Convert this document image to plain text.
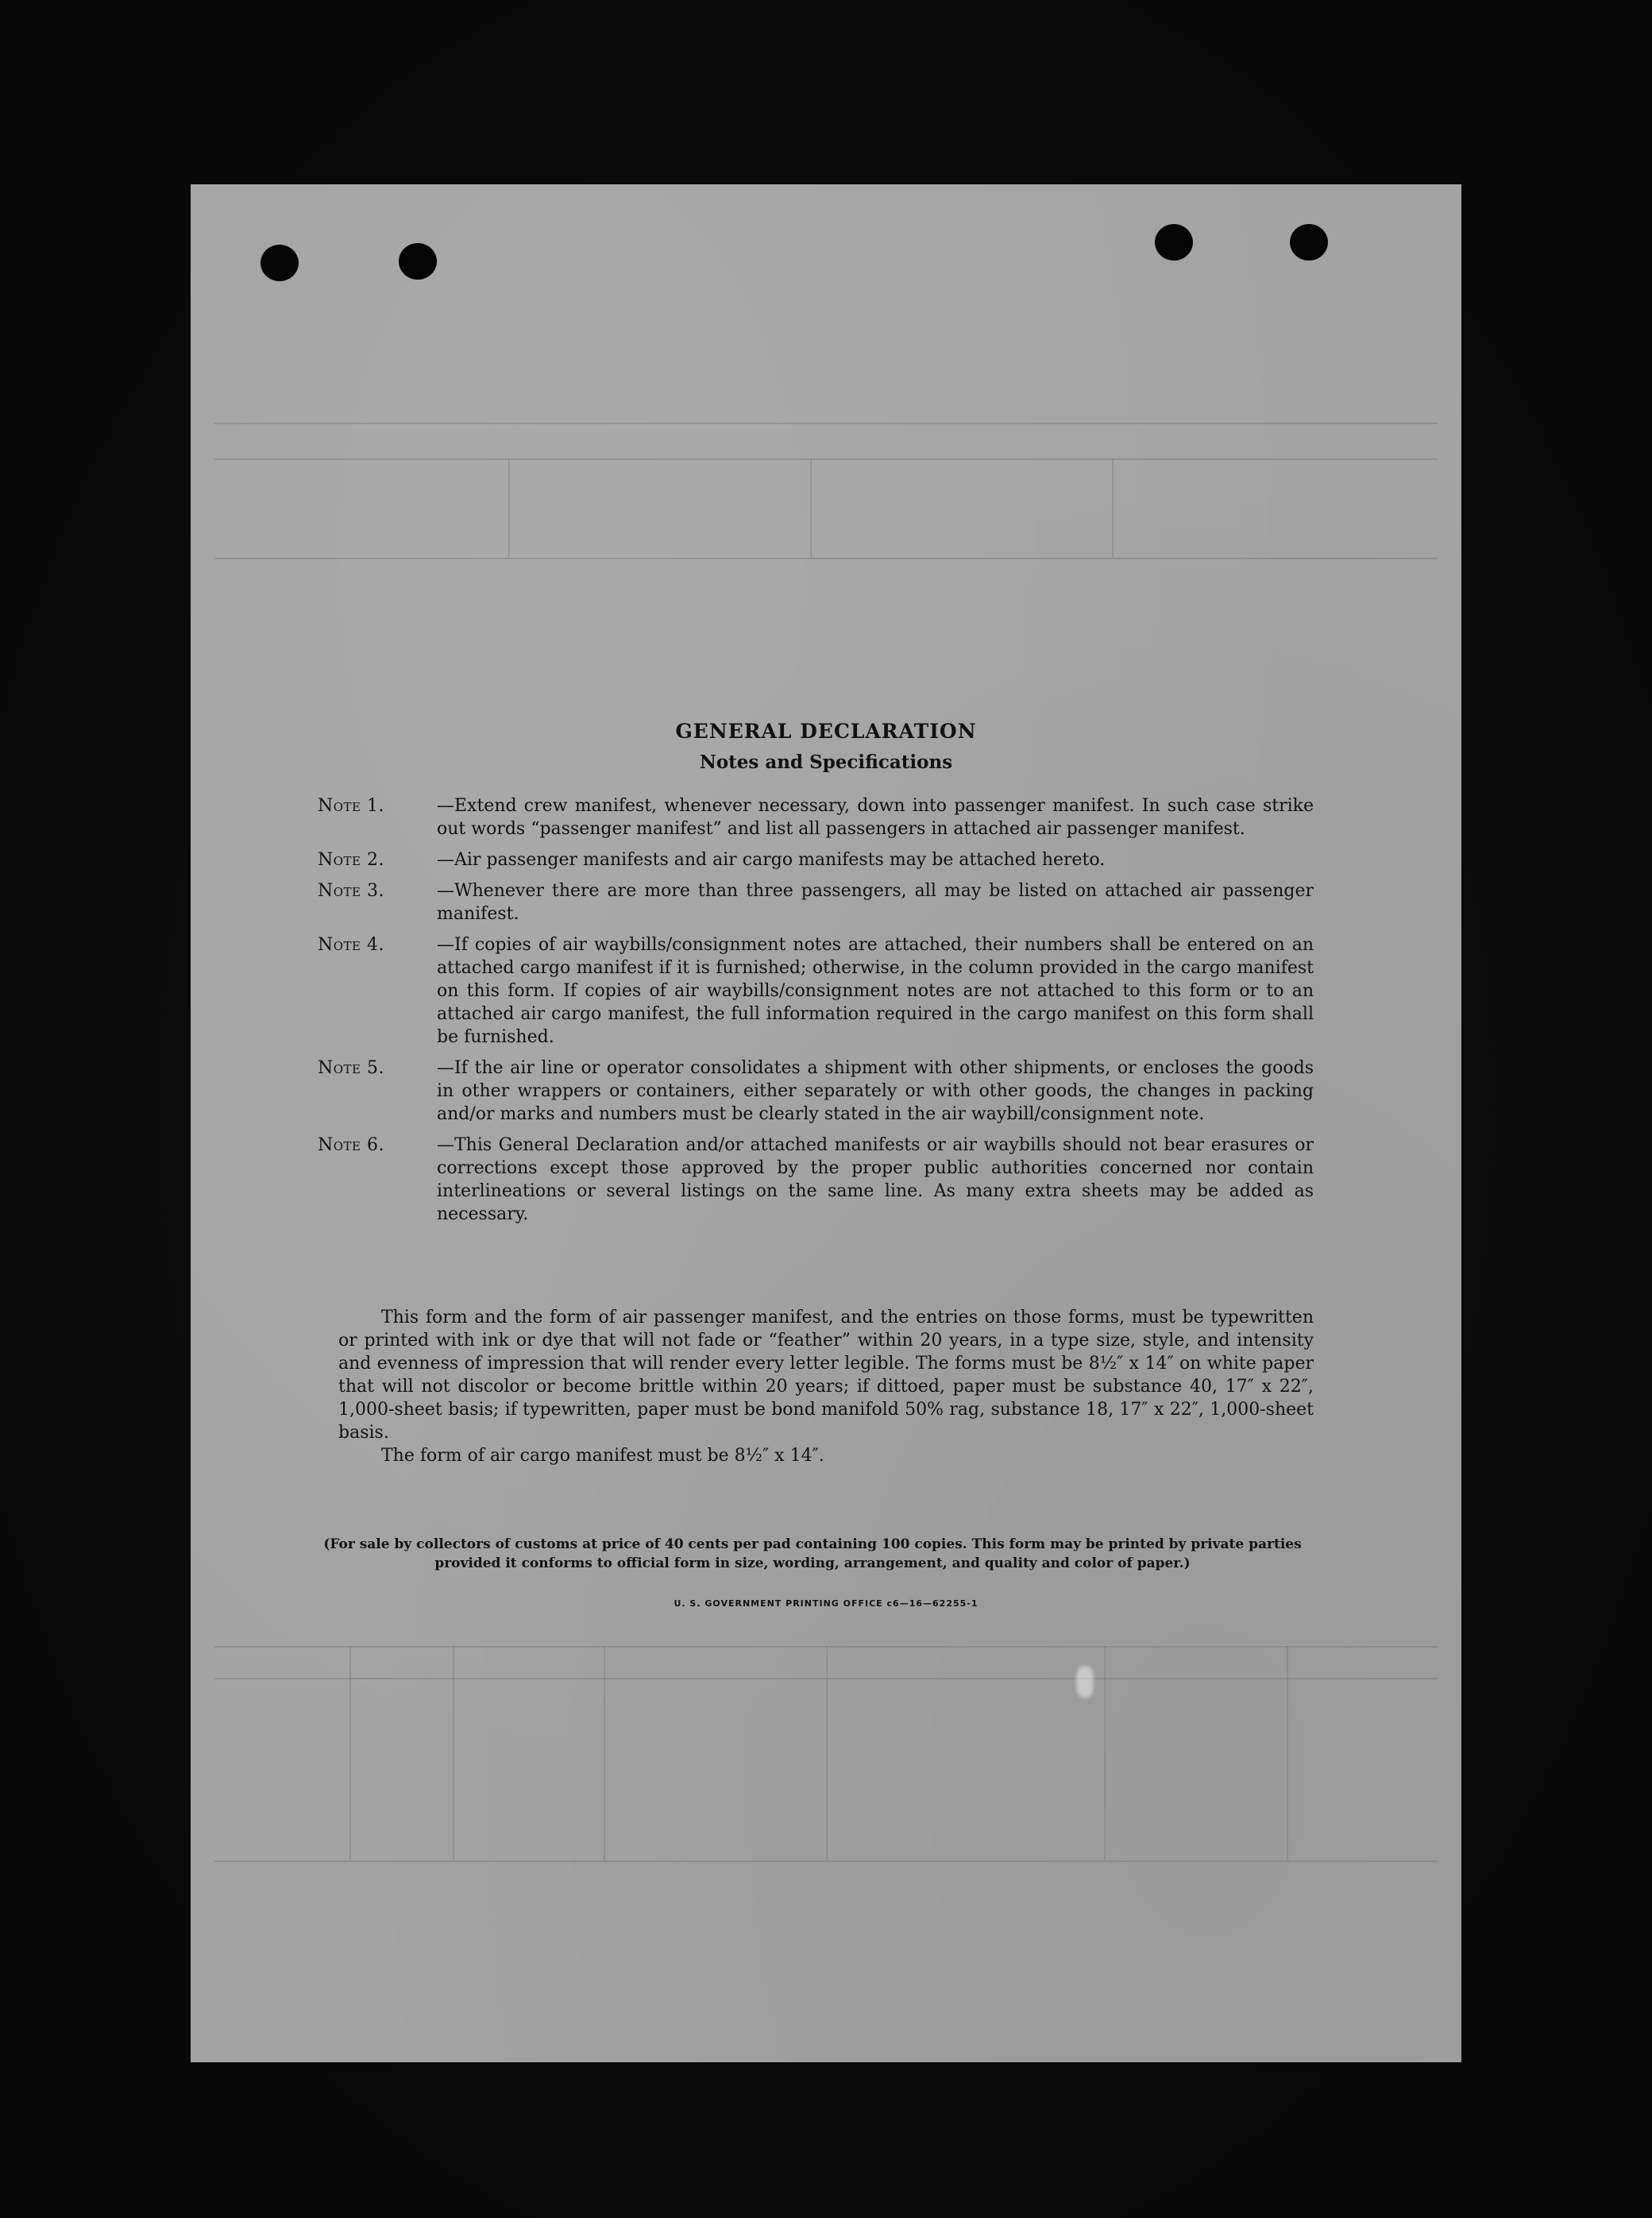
GENERAL DECLARATION
Notes and Specifications
Note 1.	—Extend crew manifest, whenever necessary, down into passenger manifest. In such case strike out words “passenger manifest” and list all passengers in attached air passenger manifest.
Note 2.	—Air passenger manifests and air cargo manifests may be attached hereto.
Note 3.	—Whenever there are more than three passengers, all may be listed on attached air passenger manifest.
Note 4.	—If copies of air waybills/consignment notes are attached, their numbers shall be entered on an attached cargo manifest if it is furnished; otherwise, in the column provided in the cargo manifest on this form. If copies of air waybills/consignment notes are not attached to this form or to an attached air cargo manifest, the full information required in the cargo manifest on this form shall be furnished.
Note 5.	—If the air line or operator consolidates a shipment with other shipments, or encloses the goods in other wrappers or containers, either separately or with other goods, the changes in packing and/or marks and numbers must be clearly stated in the air waybill/consignment note.
Note 6.	—This General Declaration and/or attached manifests or air waybills should not bear erasures or corrections except those approved by the proper public authorities concerned nor contain interlineations or several listings on the same line. As many extra sheets may be added as necessary.

This form and the form of air passenger manifest, and the entries on those forms, must be typewritten or printed with ink or dye that will not fade or “feather” within 20 years, in a type size, style, and intensity and evenness of impression that will render every letter legible. The forms must be 8½″ x 14″ on white paper that will not discolor or become brittle within 20 years; if dittoed, paper must be substance 40, 17″ x 22″, 1,000-sheet basis; if typewritten, paper must be bond manifold 50% rag, substance 18, 17″ x 22″, 1,000-sheet basis.

The form of air cargo manifest must be 8½″ x 14″.

(For sale by collectors of customs at price of 40 cents per pad containing 100 copies. This form may be printed by private parties provided it conforms to official form in size, wording, arrangement, and quality and color of paper.)
U. S. GOVERNMENT PRINTING OFFICE c6—16—62255-1
